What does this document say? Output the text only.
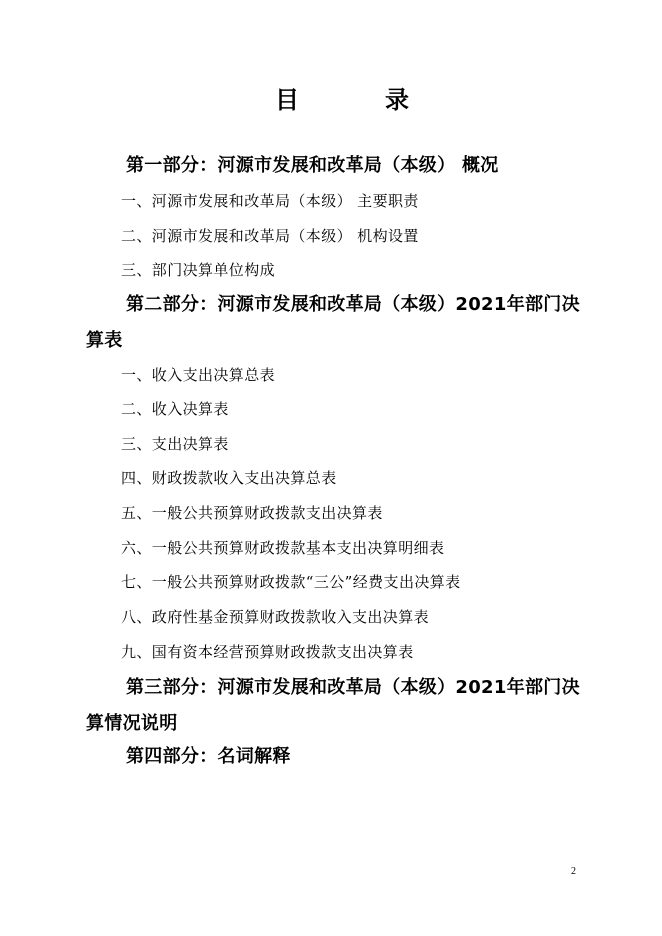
目	录
第一部分：河源市发展和改革局（本级） 概况
一、河源市发展和改革局（本级） 主要职责
二、河源市发展和改革局（本级） 机构设置
三、部门决算单位构成
第二部分：河源市发展和改革局（本级）2021年部门决算表
一、收入支出决算总表
二、收入决算表
三、支出决算表
四、财政拨款收入支出决算总表
五、一般公共预算财政拨款支出决算表
六、一般公共预算财政拨款基本支出决算明细表
七、一般公共预算财政拨款“三公”经费支出决算表
八、政府性基金预算财政拨款收入支出决算表
九、国有资本经营预算财政拨款支出决算表
第三部分：河源市发展和改革局（本级）2021年部门决算情况说明
第四部分：名词解释
2
